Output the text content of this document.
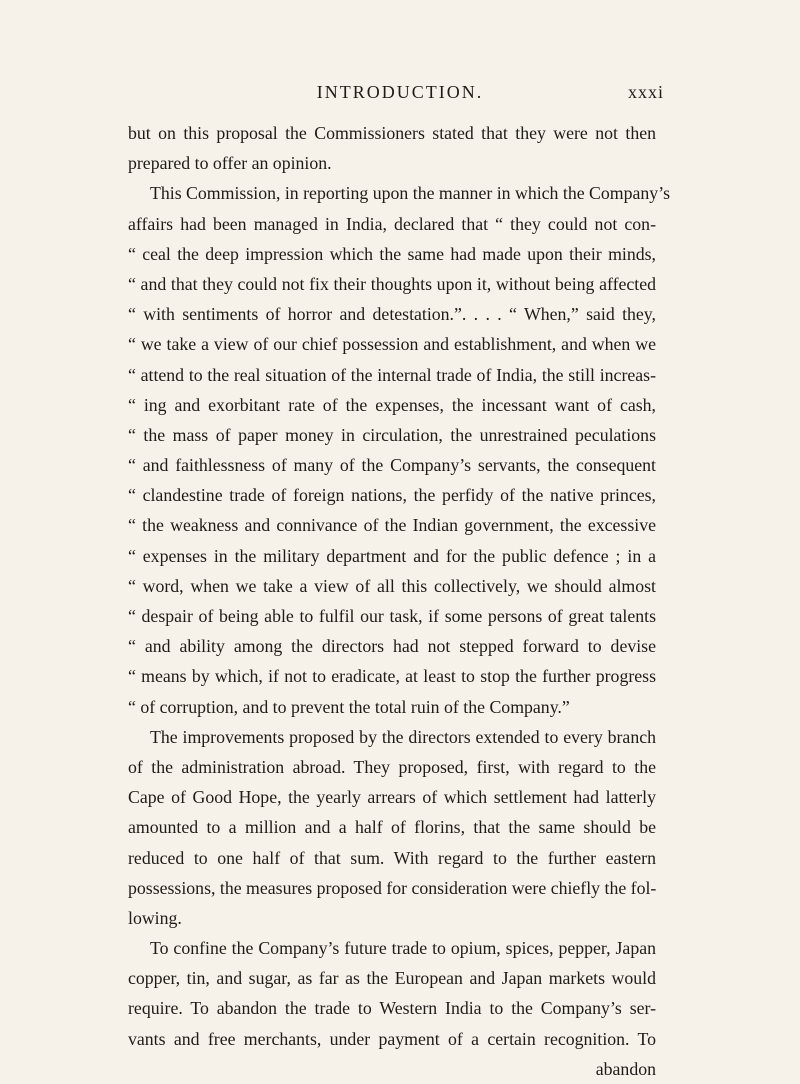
INTRODUCTION.	xxxi
but on this proposal the Commissioners stated that they were not then
prepared to offer an opinion.
This Commission, in reporting upon the manner in which the Company’s
affairs had been managed in India, declared that “ they could not con-
“ ceal the deep impression which the same had made upon their minds,
“ and that they could not fix their thoughts upon it, without being affected
“ with sentiments of horror and detestation.”. . . . “ When,” said they,
“ we take a view of our chief possession and establishment, and when we
“ attend to the real situation of the internal trade of India, the still increas-
“ ing and exorbitant rate of the expenses, the incessant want of cash,
“ the mass of paper money in circulation, the unrestrained peculations
“ and faithlessness of many of the Company’s servants, the consequent
“ clandestine trade of foreign nations, the perfidy of the native princes,
“ the weakness and connivance of the Indian government, the excessive
“ expenses in the military department and for the public defence ; in a
“ word, when we take a view of all this collectively, we should almost
“ despair of being able to fulfil our task, if some persons of great talents
“ and ability among the directors had not stepped forward to devise
“ means by which, if not to eradicate, at least to stop the further progress
“ of corruption, and to prevent the total ruin of the Company.”
The improvements proposed by the directors extended to every branch
of the administration abroad. They proposed, first, with regard to the
Cape of Good Hope, the yearly arrears of which settlement had latterly
amounted to a million and a half of florins, that the same should be
reduced to one half of that sum. With regard to the further eastern
possessions, the measures proposed for consideration were chiefly the fol-
lowing.
To confine the Company’s future trade to opium, spices, pepper, Japan
copper, tin, and sugar, as far as the European and Japan markets would
require. To abandon the trade to Western India to the Company’s ser-
vants and free merchants, under payment of a certain recognition. To
abandon
